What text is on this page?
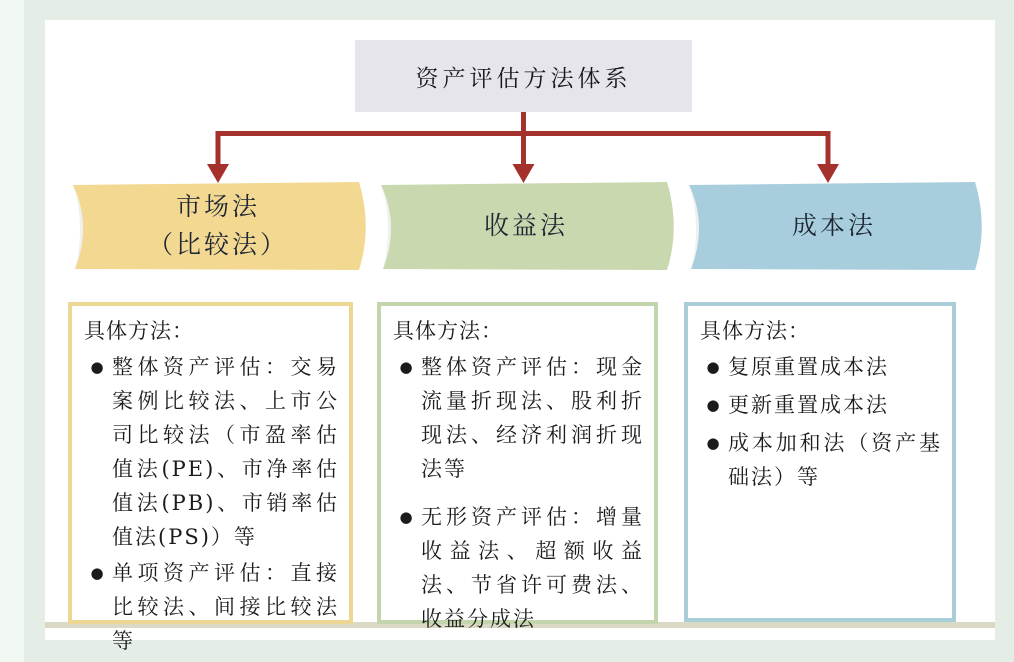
资产评估方法体系
市场法
（比较法）
收益法	成本法
具体方法：
● 整体资产评估：交易案例比较法、上市公司比较法（市盈率估值法(PE)、市净率估值法(PB)、市销率估值法(PS)）等
● 单项资产评估：直接比较法、间接比较法等
具体方法：
● 整体资产评估：现金流量折现法、股利折现法、经济利润折现法等
● 无形资产评估：增量收益法、超额收益法、节省许可费法、收益分成法
具体方法：
● 复原重置成本法
● 更新重置成本法
● 成本加和法（资产基础法）等
